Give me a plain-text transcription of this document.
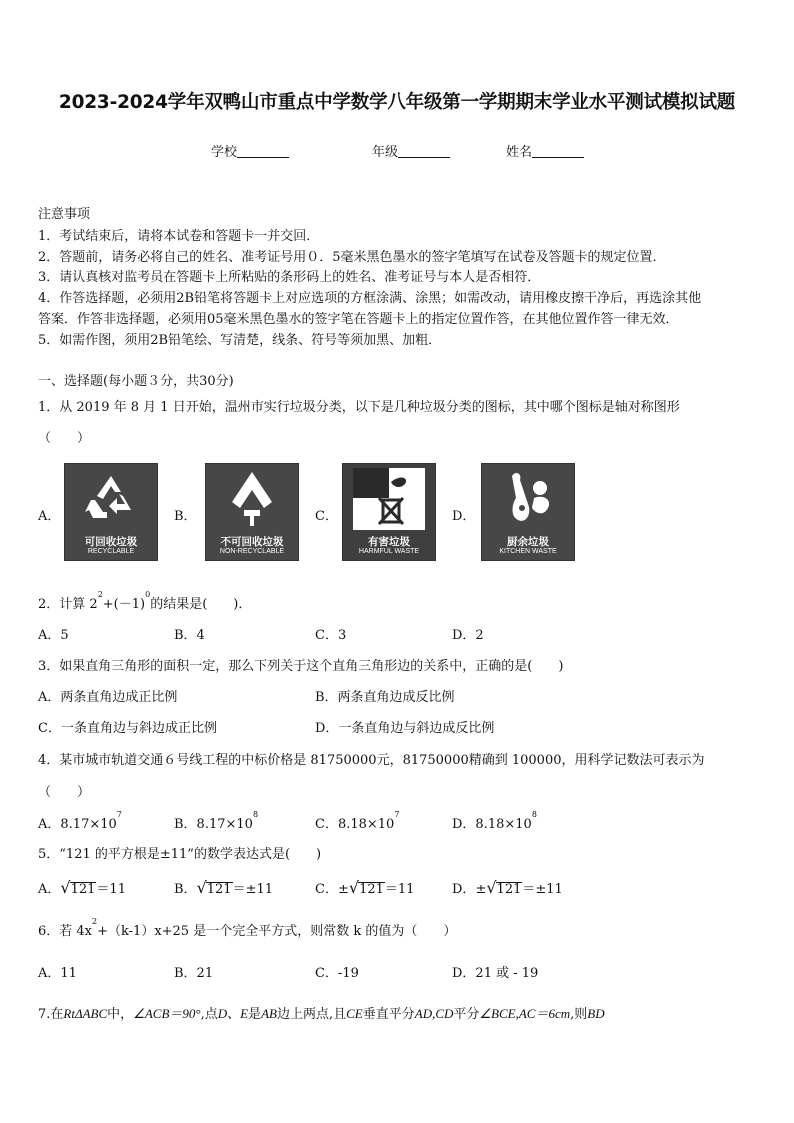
2023-2024学年双鸭山市重点中学数学八年级第一学期期末学业水平测试模拟试题
学校	年级	姓名
注意事项
1．考试结束后，请将本试卷和答题卡一并交回．
2．答题前，请务必将自己的姓名、准考证号用０．5毫米黑色墨水的签字笔填写在试卷及答题卡的规定位置．
3．请认真核对监考员在答题卡上所粘贴的条形码上的姓名、准考证号与本人是否相符．
4．作答选择题，必须用2B铅笔将答题卡上对应选项的方框涂满、涂黑；如需改动，请用橡皮擦干净后，再选涂其他
答案．作答非选择题，必须用05毫米黑色墨水的签字笔在答题卡上的指定位置作答，在其他位置作答一律无效．
5．如需作图，须用2B铅笔绘、写清楚，线条、符号等须加黑、加粗．
一、选择题(每小题３分，共30分)
1．从 2019 年 8 月 1 日开始，温州市实行垃圾分类，以下是几种垃圾分类的图标，其中哪个图标是轴对称图形
（　　）
A．
可回收垃圾
RECYCLABLE
B．
不可回收垃圾
NON-RECYCLABLE
C．
有害垃圾
HARMFUL WASTE
D．
厨余垃圾
KITCHEN WASTE
2．计算 $2^2+(-1)^0$的结果是(　　)．
A．5	B．4	C．3	D．2
3．如果直角三角形的面积一定，那么下列关于这个直角三角形边的关系中，正确的是(　　)
A．两条直角边成正比例	B．两条直角边成反比例
C．一条直角边与斜边成正比例	D．一条直角边与斜边成反比例
4．某市城市轨道交通６号线工程的中标价格是 81750000元，81750000精确到 100000，用科学记数法可表示为
（　　）
A．$8.17\times 10^7$
B．$8.17\times 10^8$
C．$8.18\times 10^7$
D．$8.18\times 10^8$
5．“121 的平方根是±11”的数学表达式是(　　)
A．√121＝11	B．√121＝±11	C．±√121＝11	D．±√121＝±11
6．若 $4x^2+(k-1)x+25$ 是一个完全平方式，则常数 k 的值为（　　）
A．11	B．21	C．-19	D．21 或 - 19
7.在RtΔABC中，∠ACB＝90°,点D、E是AB边上两点,且CE垂直平分AD,CD平分∠BCE,AC＝6cm,则BD
